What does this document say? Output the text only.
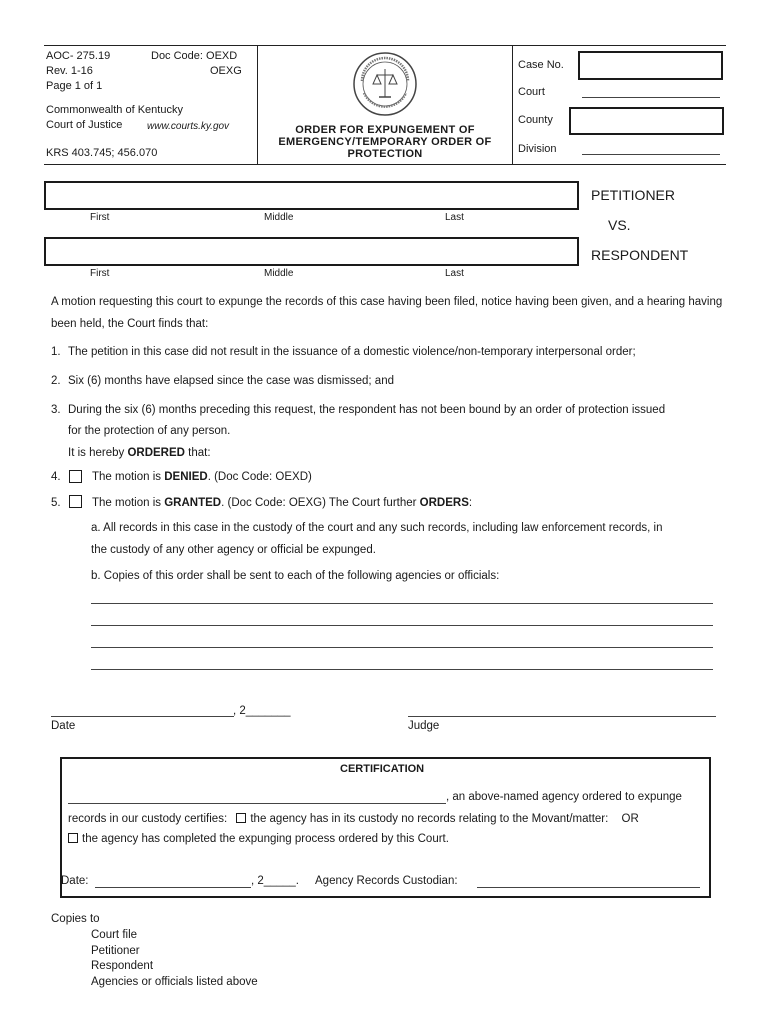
AOC- 275.19	Doc Code: OEXD
Rev. 1-16	OEXG
Page 1 of 1
Commonwealth of Kentucky
Court of Justice www.courts.ky.gov
KRS 403.745; 456.070
ORDER FOR EXPUNGEMENT OF
EMERGENCY/TEMPORARY ORDER OF
PROTECTION
Case No.
Court
County
Division
PETITIONER
First	Middle	Last	VS.
RESPONDENT
First	Middle	Last
A motion requesting this court to expunge the records of this case having been filed, notice having been given, and a hearing having been held, the Court finds that:
1. The petition in this case did not result in the issuance of a domestic violence/non-temporary interpersonal order;
2. Six (6) months have elapsed since the case was dismissed; and
3. During the six (6) months preceding this request, the respondent has not been bound by an order of protection issued
for the protection of any person.
It is hereby ORDERED that:
4.	The motion is DENIED. (Doc Code: OEXD)
5.	The motion is GRANTED. (Doc Code: OEXG) The Court further ORDERS:
a. All records in this case in the custody of the court and any such records, including law enforcement records, in
the custody of any other agency or official be expunged.
b. Copies of this order shall be sent to each of the following agencies or officials:
, 2_______
Date	Judge
CERTIFICATION
, an above-named agency ordered to expunge
records in our custody certifies: the agency has in its custody no records relating to the Movant/matter: OR
the agency has completed the expunging process ordered by this Court.
Date:	, 2_____. Agency Records Custodian:
Copies to
Court file
Petitioner
Respondent
Agencies or officials listed above
